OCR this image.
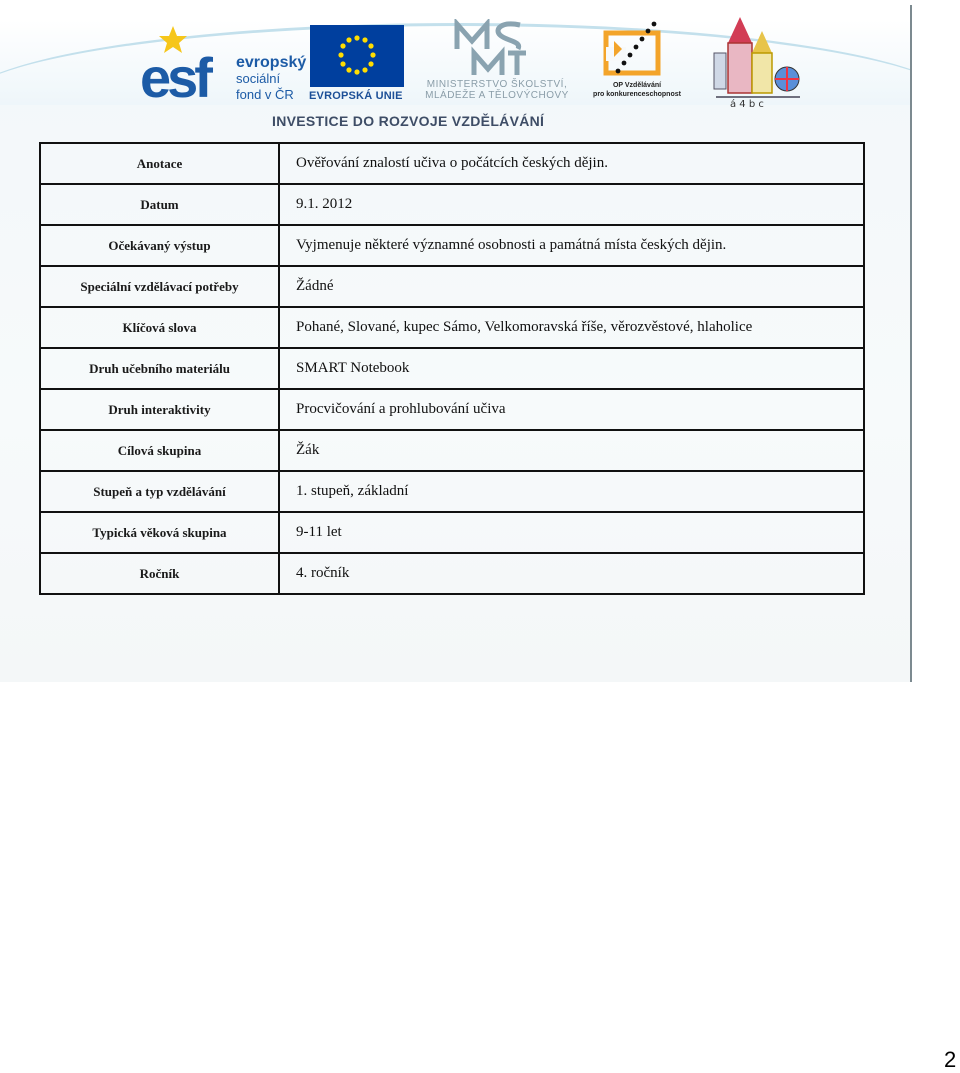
esf evropský
sociální
fond v ČR	EVROPSKÁ UNIE
MINISTERSTVO ŠKOLSTVÍ,
MLÁDEŽE A TĚLOVÝCHOVY
OP Vzdělávání
pro konkurenceschopnost
á 4 b c
INVESTICE DO ROZVOJE VZDĚLÁVÁNÍ
Anotace	Ověřování znalostí učiva o počátcích českých dějin.
Datum	9.1. 2012
Očekávaný výstup	Vyjmenuje některé významné osobnosti a památná místa českých dějin.
Speciální vzdělávací potřeby	Žádné
Klíčová slova	Pohané, Slované, kupec Sámo, Velkomoravská říše, věrozvěstové, hlaholice
Druh učebního materiálu	SMART Notebook
Druh interaktivity	Procvičování a prohlubování učiva
Cílová skupina	Žák
Stupeň a typ vzdělávání	1. stupeň, základní
Typická věková skupina	9-11 let
Ročník	4. ročník
2
